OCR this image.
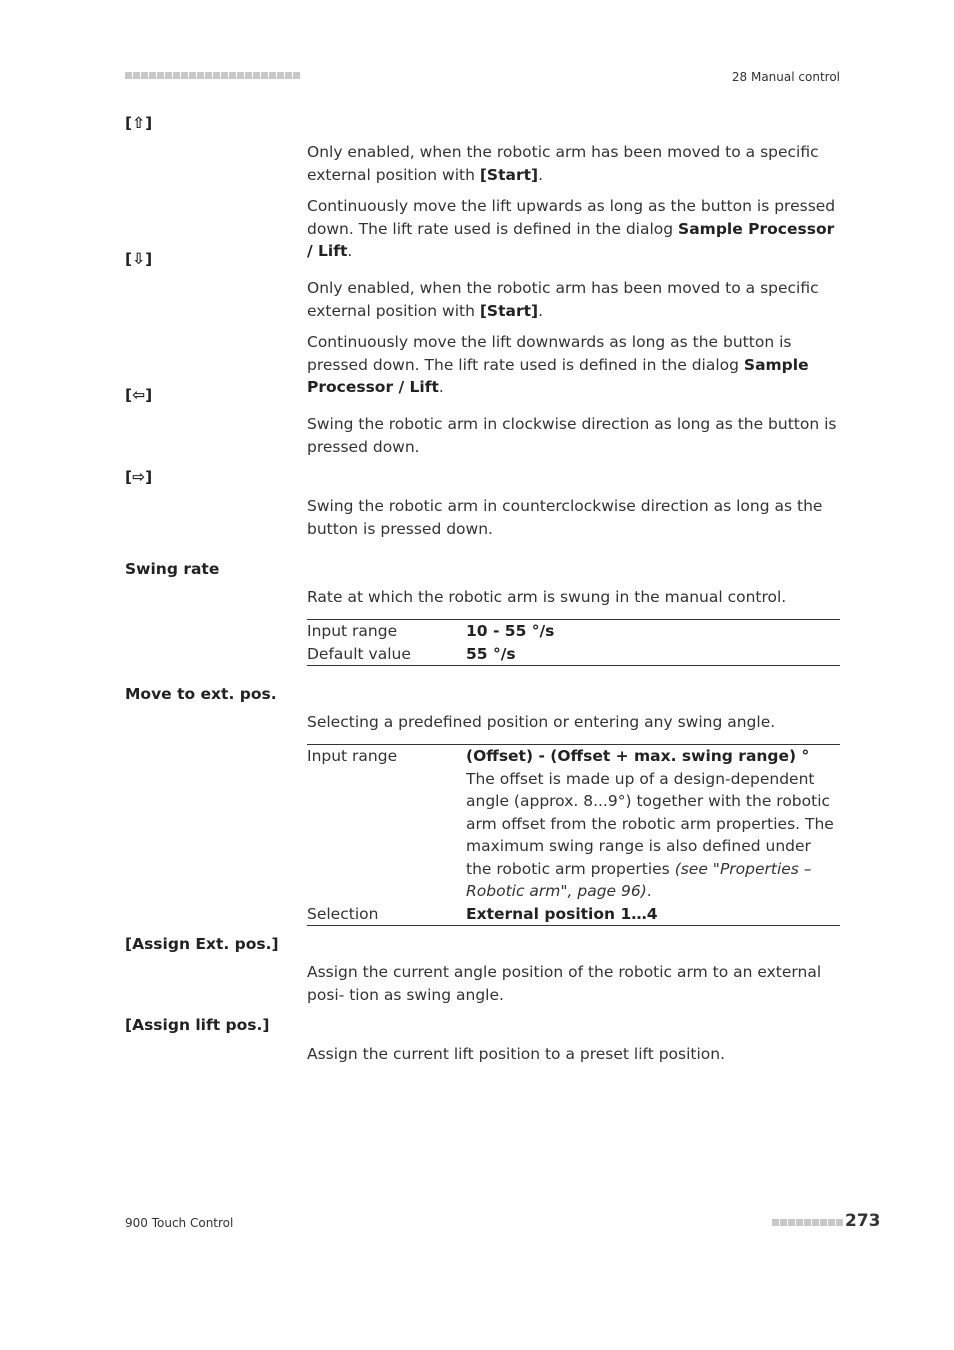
28 Manual control
[⇧]
Only enabled, when the robotic arm has been moved to a specific external position with [Start].
Continuously move the lift upwards as long as the button is pressed down. The lift rate used is defined in the dialog Sample Processor / Lift.
[⇩]
Only enabled, when the robotic arm has been moved to a specific external position with [Start].
Continuously move the lift downwards as long as the button is pressed down. The lift rate used is defined in the dialog Sample Processor / Lift.
[⇦]
Swing the robotic arm in clockwise direction as long as the button is pressed down.
[⇨]
Swing the robotic arm in counterclockwise direction as long as the button is pressed down.
Swing rate
Rate at which the robotic arm is swung in the manual control.
Input range	10 - 55 °/s
Default value	55 °/s
Move to ext. pos.
Selecting a predefined position or entering any swing angle.
Input range	(Offset) - (Offset + max. swing range) °
The offset is made up of a design-dependent angle (approx. 8...9°) together with the robotic arm offset from the robotic arm properties. The maximum swing range is also defined under the robotic arm properties (see "Properties – Robotic arm", page 96).
Selection	External position 1…4
[Assign Ext. pos.]
Assign the current angle position of the robotic arm to an external posi- tion as swing angle.
[Assign lift pos.]
Assign the current lift position to a preset lift position.
900 Touch Control	273
